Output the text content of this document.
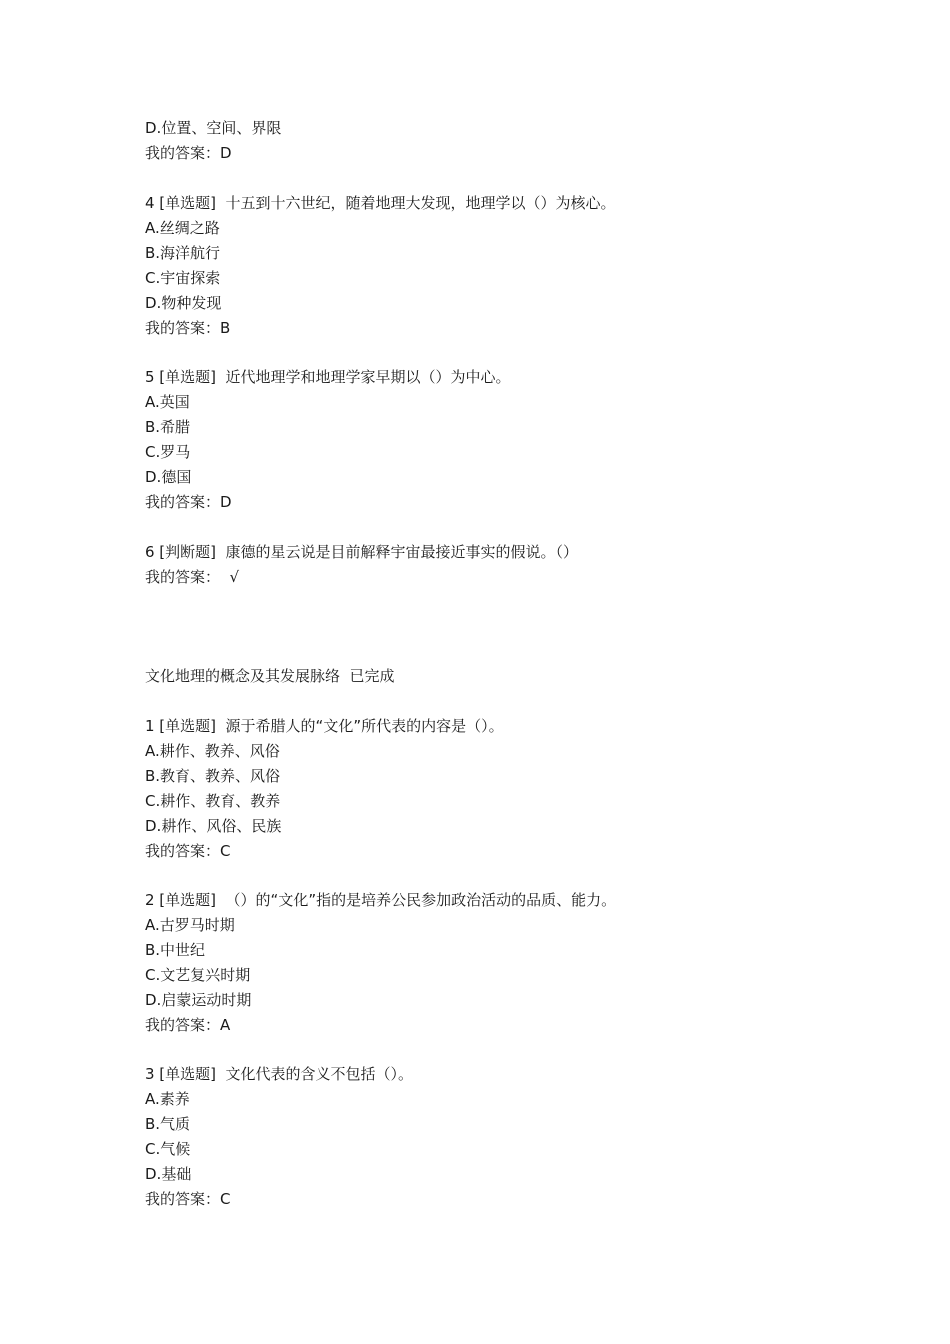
D.位置、空间、界限
我的答案：D
4 [单选题]  十五到十六世纪，随着地理大发现，地理学以（）为核心。
A.丝绸之路
B.海洋航行
C.宇宙探索
D.物种发现
我的答案：B
5 [单选题]  近代地理学和地理学家早期以（）为中心。
A.英国
B.希腊
C.罗马
D.德国
我的答案：D
6 [判断题]  康德的星云说是目前解释宇宙最接近事实的假说。（）
我的答案：  √
文化地理的概念及其发展脉络  已完成
1 [单选题]  源于希腊人的“文化”所代表的内容是（）。
A.耕作、教养、风俗
B.教育、教养、风俗
C.耕作、教育、教养
D.耕作、风俗、民族
我的答案：C
2 [单选题]  （）的“文化”指的是培养公民参加政治活动的品质、能力。
A.古罗马时期
B.中世纪
C.文艺复兴时期
D.启蒙运动时期
我的答案：A
3 [单选题]  文化代表的含义不包括（）。
A.素养
B.气质
C.气候
D.基础
我的答案：C
